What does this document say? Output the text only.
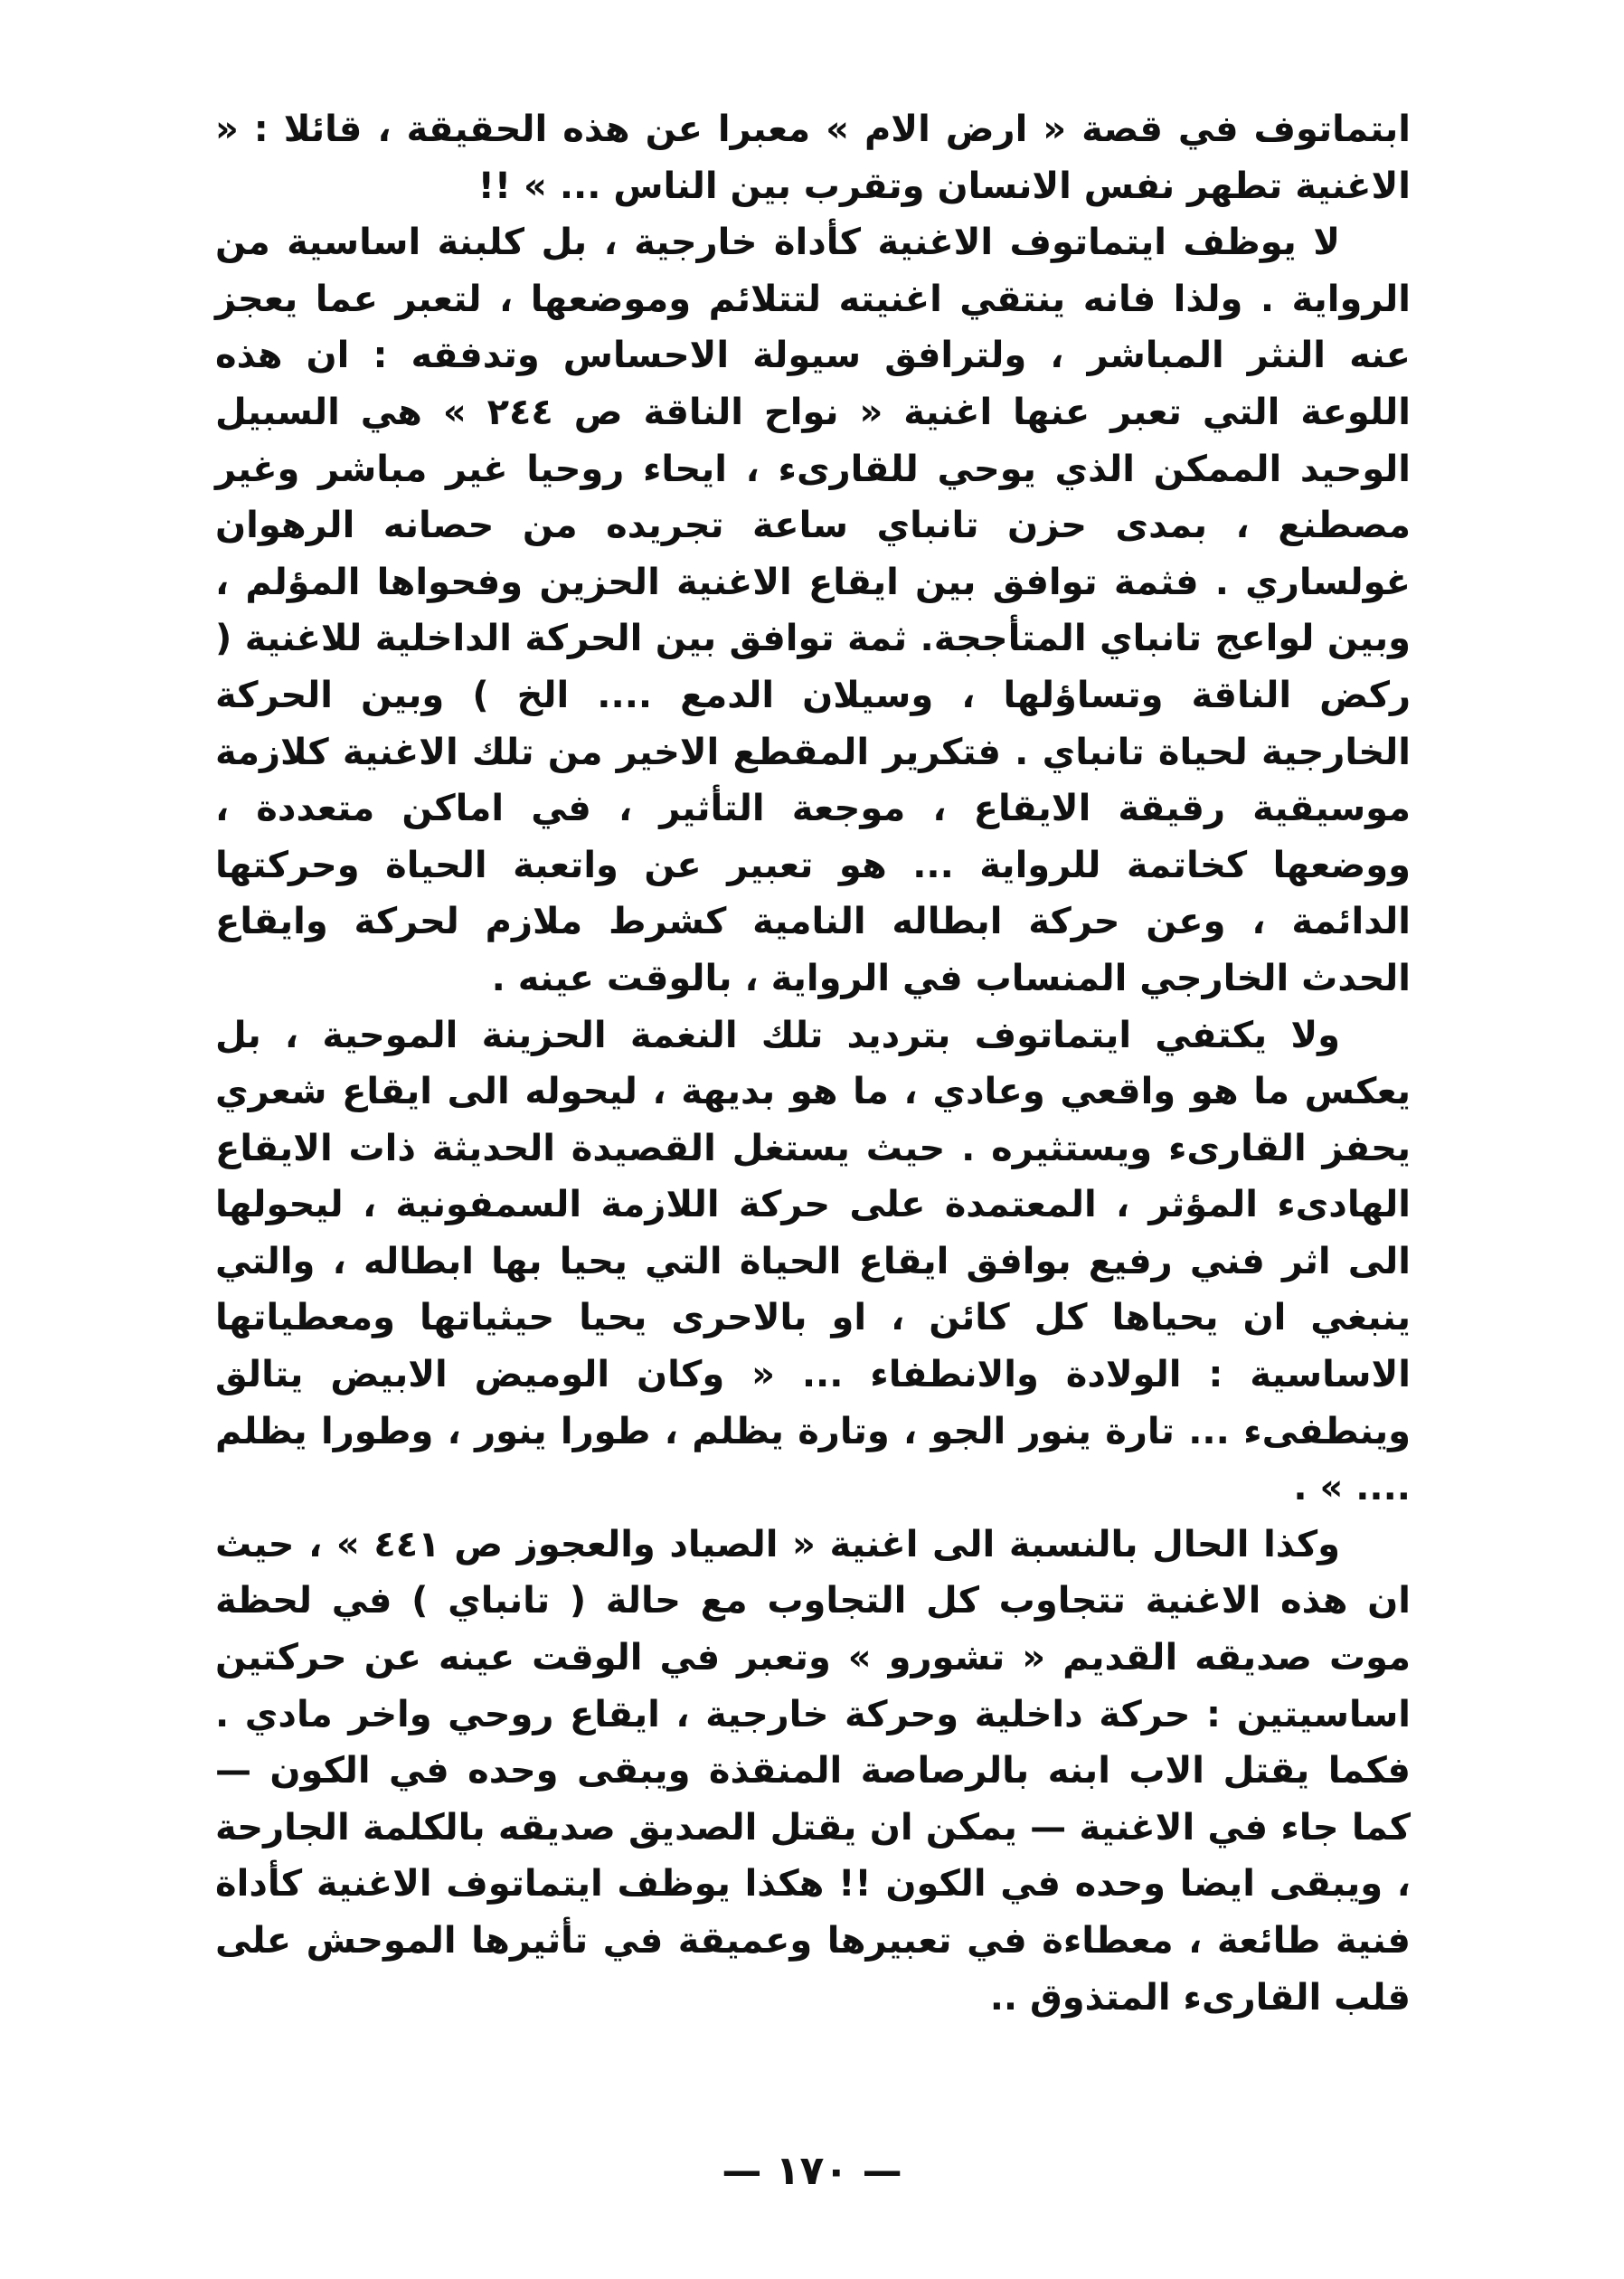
ابتماتوف في قصة « ارض الام » معبرا عن هذه الحقيقة ، قائلا : « الاغنية تطهر نفس الانسان وتقرب بين الناس ... » !!

لا يوظف ايتماتوف الاغنية كأداة خارجية ، بل كلبنة اساسية من الرواية . ولذا فانه ينتقي اغنيته لتتلائم وموضعها ، لتعبر عما يعجز عنه النثر المباشر ، ولترافق سيولة الاحساس وتدفقه : ان هذه اللوعة التي تعبر عنها اغنية « نواح الناقة ص ٢٤٤ » هي السبيل الوحيد الممكن الذي يوحي للقارىء ، ايحاء روحيا غير مباشر وغير مصطنع ، بمدى حزن تانباي ساعة تجريده من حصانه الرهوان غولساري . فثمة توافق بين ايقاع الاغنية الحزين وفحواها المؤلم ، وبين لواعج تانباي المتأججة. ثمة توافق بين الحركة الداخلية للاغنية ( ركض الناقة وتساؤلها ، وسيلان الدمع .... الخ ) وبين الحركة الخارجية لحياة تانباي . فتكرير المقطع الاخير من تلك الاغنية كلازمة موسيقية رقيقة الايقاع ، موجعة التأثير ، في اماكن متعددة ، ووضعها كخاتمة للرواية ... هو تعبير عن واتعبة الحياة وحركتها الدائمة ، وعن حركة ابطاله النامية كشرط ملازم لحركة وايقاع الحدث الخارجي المنساب في الرواية ، بالوقت عينه .

ولا يكتفي ايتماتوف بترديد تلك النغمة الحزينة الموحية ، بل يعكس ما هو واقعي وعادي ، ما هو بديهة ، ليحوله الى ايقاع شعري يحفز القارىء ويستثيره . حيث يستغل القصيدة الحديثة ذات الايقاع الهادىء المؤثر ، المعتمدة على حركة اللازمة السمفونية ، ليحولها الى اثر فني رفيع بوافق ايقاع الحياة التي يحيا بها ابطاله ، والتي ينبغي ان يحياها كل كائن ، او بالاحرى يحيا حيثياتها ومعطياتها الاساسية : الولادة والانطفاء ... « وكان الوميض الابيض يتالق وينطفىء ... تارة ينور الجو ، وتارة يظلم ، طورا ينور ، وطورا يظلم .... » .

وكذا الحال بالنسبة الى اغنية « الصياد والعجوز ص ٤٤١ » ، حيث ان هذه الاغنية تتجاوب كل التجاوب مع حالة ( تانباي ) في لحظة موت صديقه القديم « تشورو » وتعبر في الوقت عينه عن حركتين اساسيتين : حركة داخلية وحركة خارجية ، ايقاع روحي واخر مادي . فكما يقتل الاب ابنه بالرصاصة المنقذة ويبقى وحده في الكون — كما جاء في الاغنية — يمكن ان يقتل الصديق صديقه بالكلمة الجارحة ، ويبقى ايضا وحده في الكون !! هكذا يوظف ايتماتوف الاغنية كأداة فنية طائعة ، معطاءة في تعبيرها وعميقة في تأثيرها الموحش على قلب القارىء المتذوق ..

— ١٧٠ —
